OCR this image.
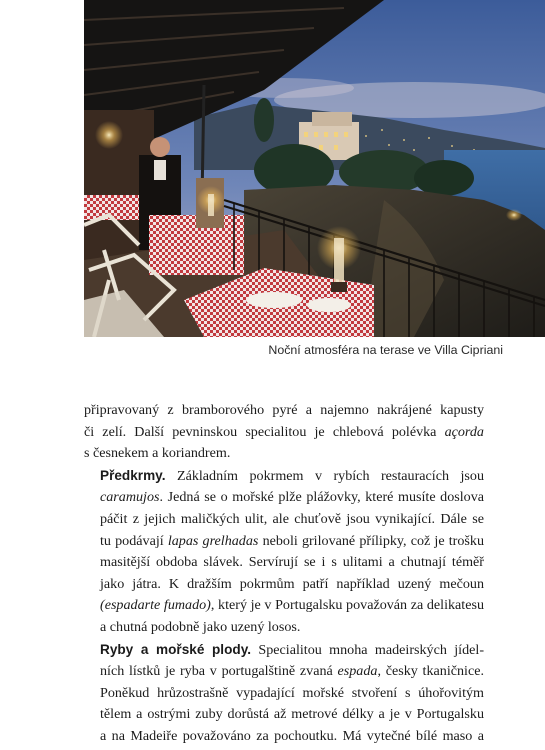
Noční atmosféra na terase ve Villa Cipriani

připravovaný z bramborového pyré a najemno nakrájené kapusty
či zelí. Další pevninskou specialitou je chlebová polévka açorda
s česnekem a koriandrem.

Předkrmy. Základním pokrmem v rybích restauracích jsou
caramujos. Jedná se o mořské plže plážovky, které musíte doslova
páčit z jejich maličkých ulit, ale chuťově jsou vynikající. Dále se
tu podávají lapas grelhadas neboli grilované přílipky, což je trošku
masitější obdoba slávek. Servírují se i s ulitami a chutnají téměř
jako játra. K dražším pokrmům patří například uzený mečoun
(espadarte fumado), který je v Portugalsku považován za delikatesu
a chutná podobně jako uzený losos.

Ryby a mořské plody. Specialitou mnoha madeirských jídel-
ních lístků je ryba v portugalštině zvaná espada, česky tkaničnice.
Poněkud hrůzostrašně vypadající mořské stvoření s úhořovitým
tělem a ostrými zuby dorůstá až metrové délky a je v Portugalsku
a na Madeiře považováno za pochoutku. Má vytečné bílé maso a
